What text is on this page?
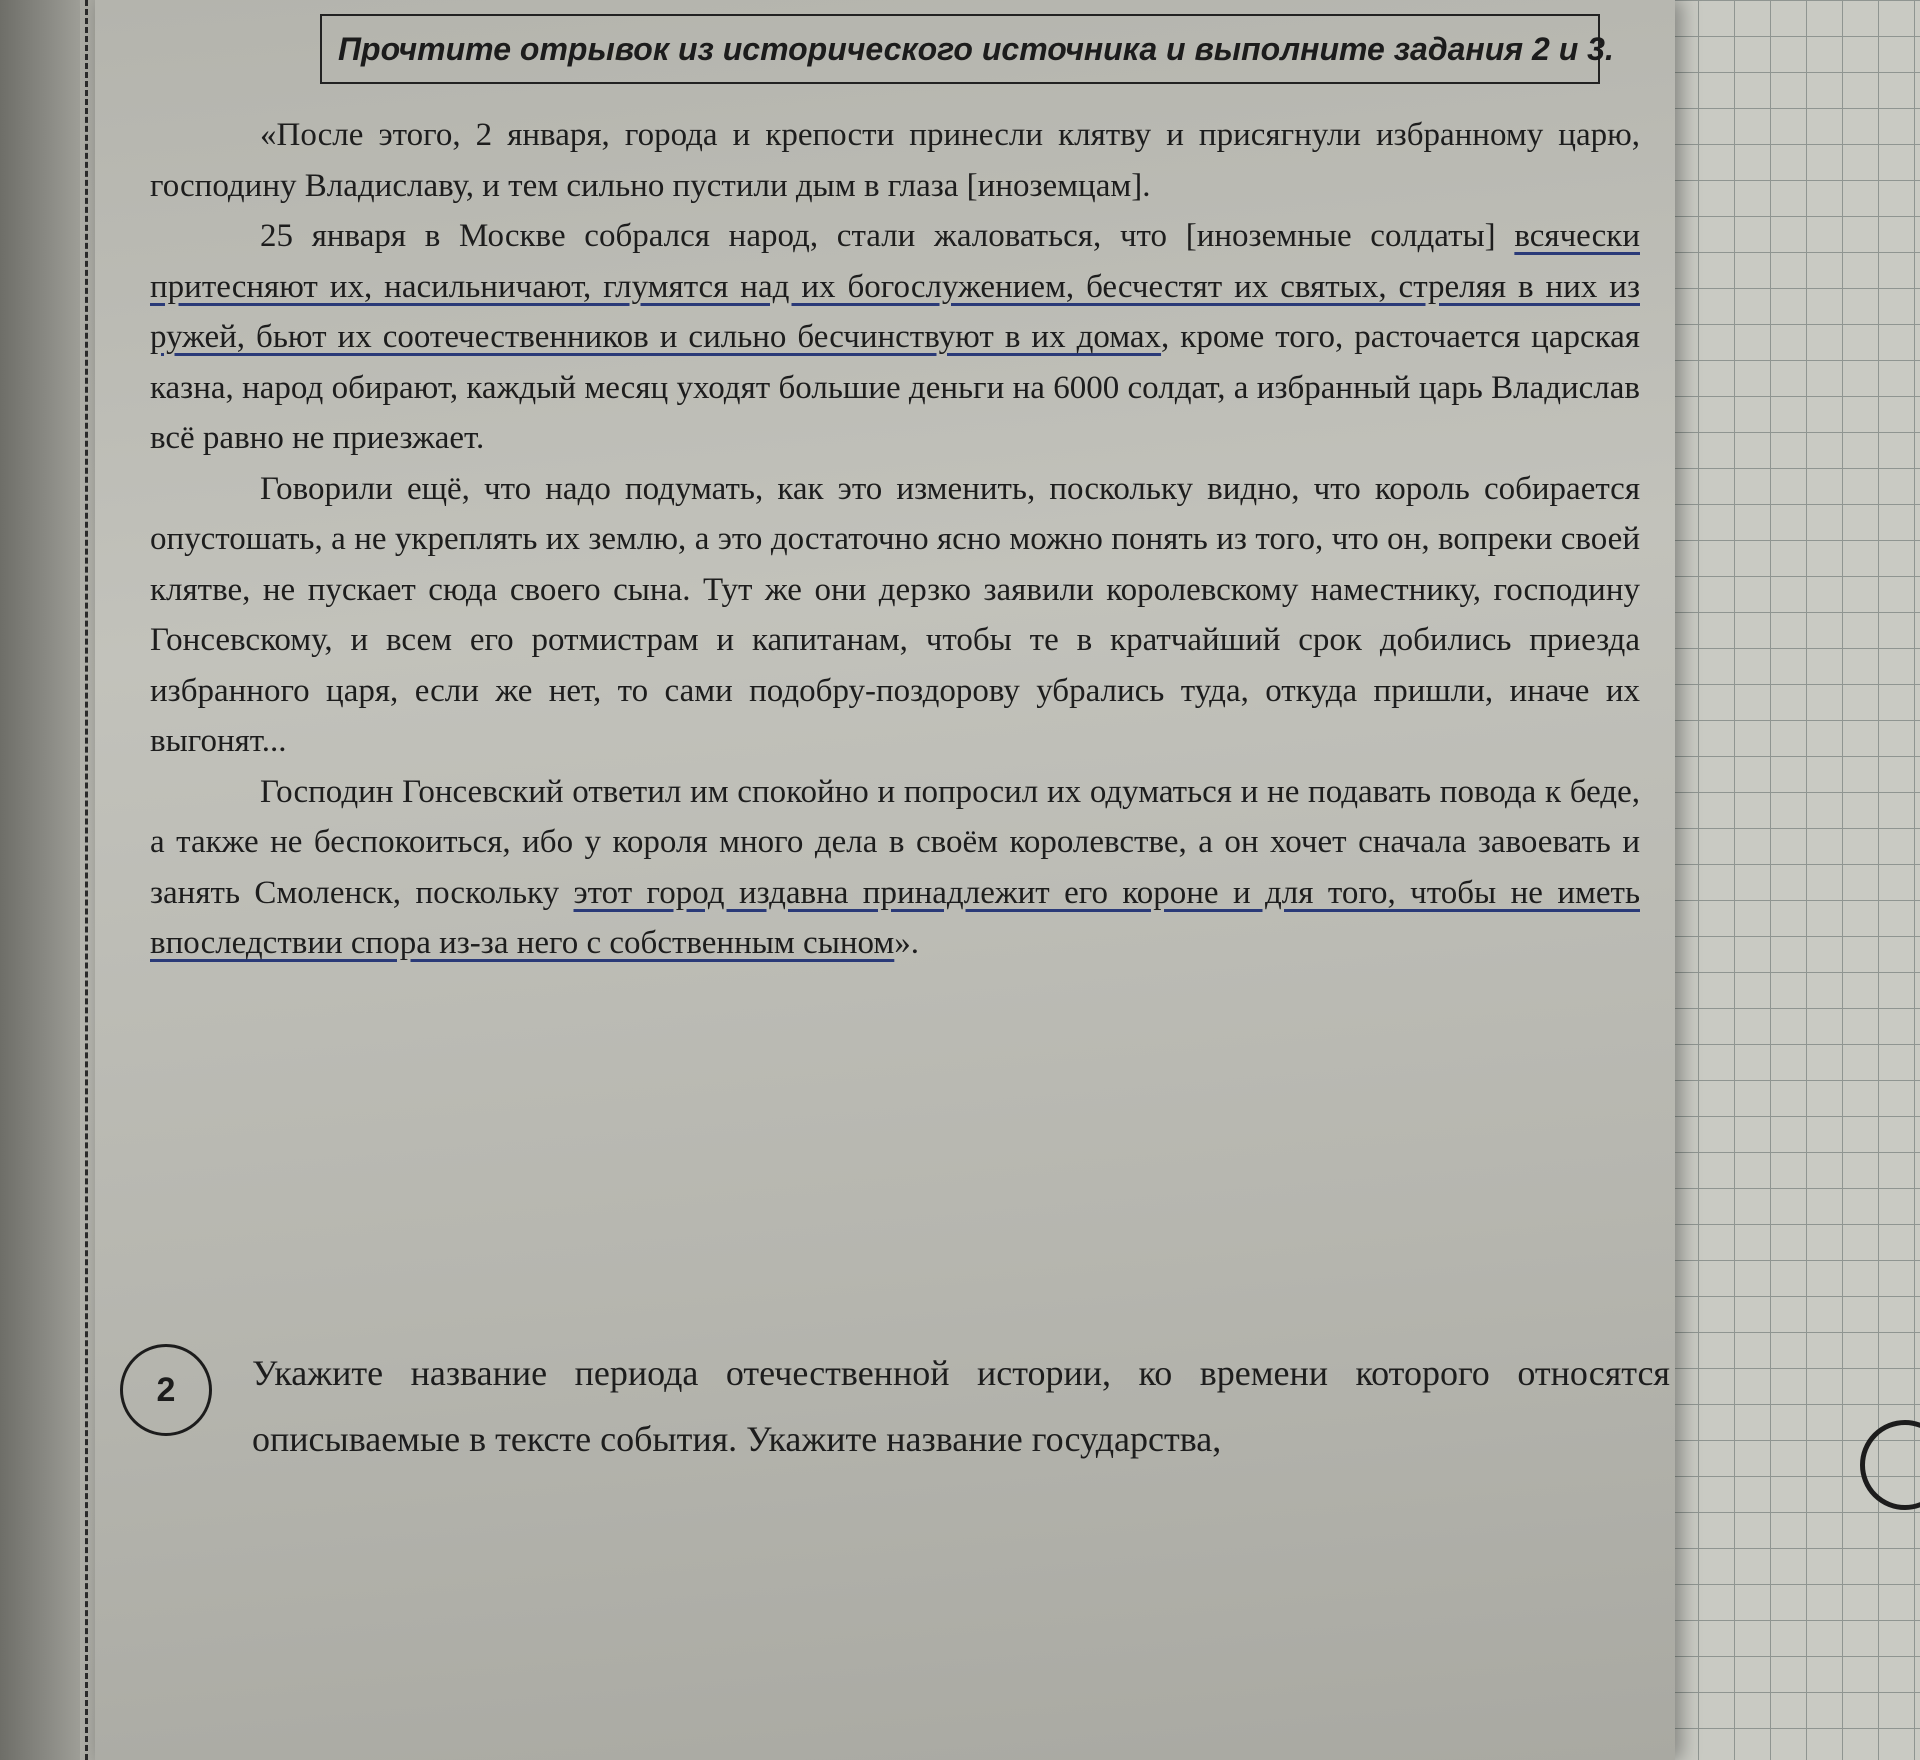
Прочтите отрывок из исторического источника и выполните задания 2 и 3.

«После этого, 2 января, города и крепости принесли клятву и присягнули избранному царю, господину Владиславу, и тем сильно пустили дым в глаза [иноземцам].

25 января в Москве собрался народ, стали жаловаться, что [иноземные солдаты] всячески притесняют их, насильничают, глумятся над их богослужением, бесчестят их святых, стреляя в них из ружей, бьют их соотечественников и сильно бесчинствуют в их домах, кроме того, расточается царская казна, народ обирают, каждый месяц уходят большие деньги на 6000 солдат, а избранный царь Владислав всё равно не приезжает.

Говорили ещё, что надо подумать, как это изменить, поскольку видно, что король собирается опустошать, а не укреплять их землю, а это достаточно ясно можно понять из того, что он, вопреки своей клятве, не пускает сюда своего сына. Тут же они дерзко заявили королевскому наместнику, господину Гонсевскому, и всем его ротмистрам и капитанам, чтобы те в кратчайший срок добились приезда избранного царя, если же нет, то сами подобру-поздорову убрались туда, откуда пришли, иначе их выгонят...

Господин Гонсевский ответил им спокойно и попросил их одуматься и не подавать повода к беде, а также не беспокоиться, ибо у короля много дела в своём королевстве, а он хочет сначала завоевать и занять Смоленск, поскольку этот город издавна принадлежит его короне и для того, чтобы не иметь впоследствии спора из-за него с собственным сыном».

2 Укажите название периода отечественной истории, ко времени которого относятся описываемые в тексте события. Укажите название государства,
